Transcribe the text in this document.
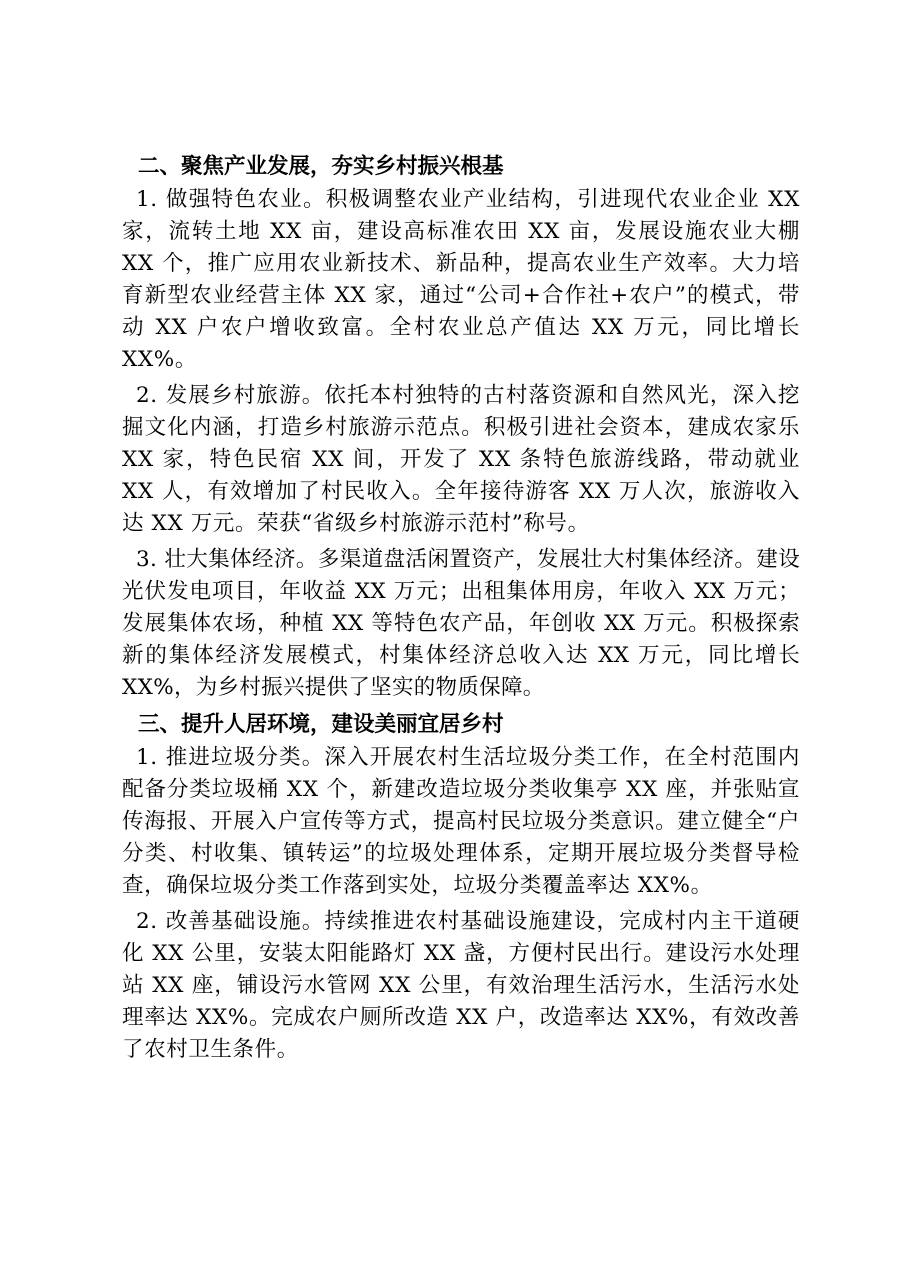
二、聚焦产业发展，夯实乡村振兴根基

1. 做强特色农业。积极调整农业产业结构，引进现代农业企业 XX 家，流转土地 XX 亩，建设高标准农田 XX 亩，发展设施农业大棚 XX 个，推广应用农业新技术、新品种，提高农业生产效率。大力培育新型农业经营主体 XX 家，通过“公司+合作社+农户”的模式，带动 XX 户农户增收致富。全村农业总产值达 XX 万元，同比增长 XX%。

2. 发展乡村旅游。依托本村独特的古村落资源和自然风光，深入挖掘文化内涵，打造乡村旅游示范点。积极引进社会资本，建成农家乐 XX 家，特色民宿 XX 间，开发了 XX 条特色旅游线路，带动就业 XX 人，有效增加了村民收入。全年接待游客 XX 万人次，旅游收入达 XX 万元。荣获“省级乡村旅游示范村”称号。

3. 壮大集体经济。多渠道盘活闲置资产，发展壮大村集体经济。建设光伏发电项目，年收益 XX 万元；出租集体用房，年收入 XX 万元；发展集体农场，种植 XX 等特色农产品，年创收 XX 万元。积极探索新的集体经济发展模式，村集体经济总收入达 XX 万元，同比增长 XX%，为乡村振兴提供了坚实的物质保障。

三、提升人居环境，建设美丽宜居乡村

1. 推进垃圾分类。深入开展农村生活垃圾分类工作，在全村范围内配备分类垃圾桶 XX 个，新建改造垃圾分类收集亭 XX 座，并张贴宣传海报、开展入户宣传等方式，提高村民垃圾分类意识。建立健全“户分类、村收集、镇转运”的垃圾处理体系，定期开展垃圾分类督导检查，确保垃圾分类工作落到实处，垃圾分类覆盖率达 XX%。

2. 改善基础设施。持续推进农村基础设施建设，完成村内主干道硬化 XX 公里，安装太阳能路灯 XX 盏，方便村民出行。建设污水处理站 XX 座，铺设污水管网 XX 公里，有效治理生活污水，生活污水处理率达 XX%。完成农户厕所改造 XX 户，改造率达 XX%，有效改善了农村卫生条件。
